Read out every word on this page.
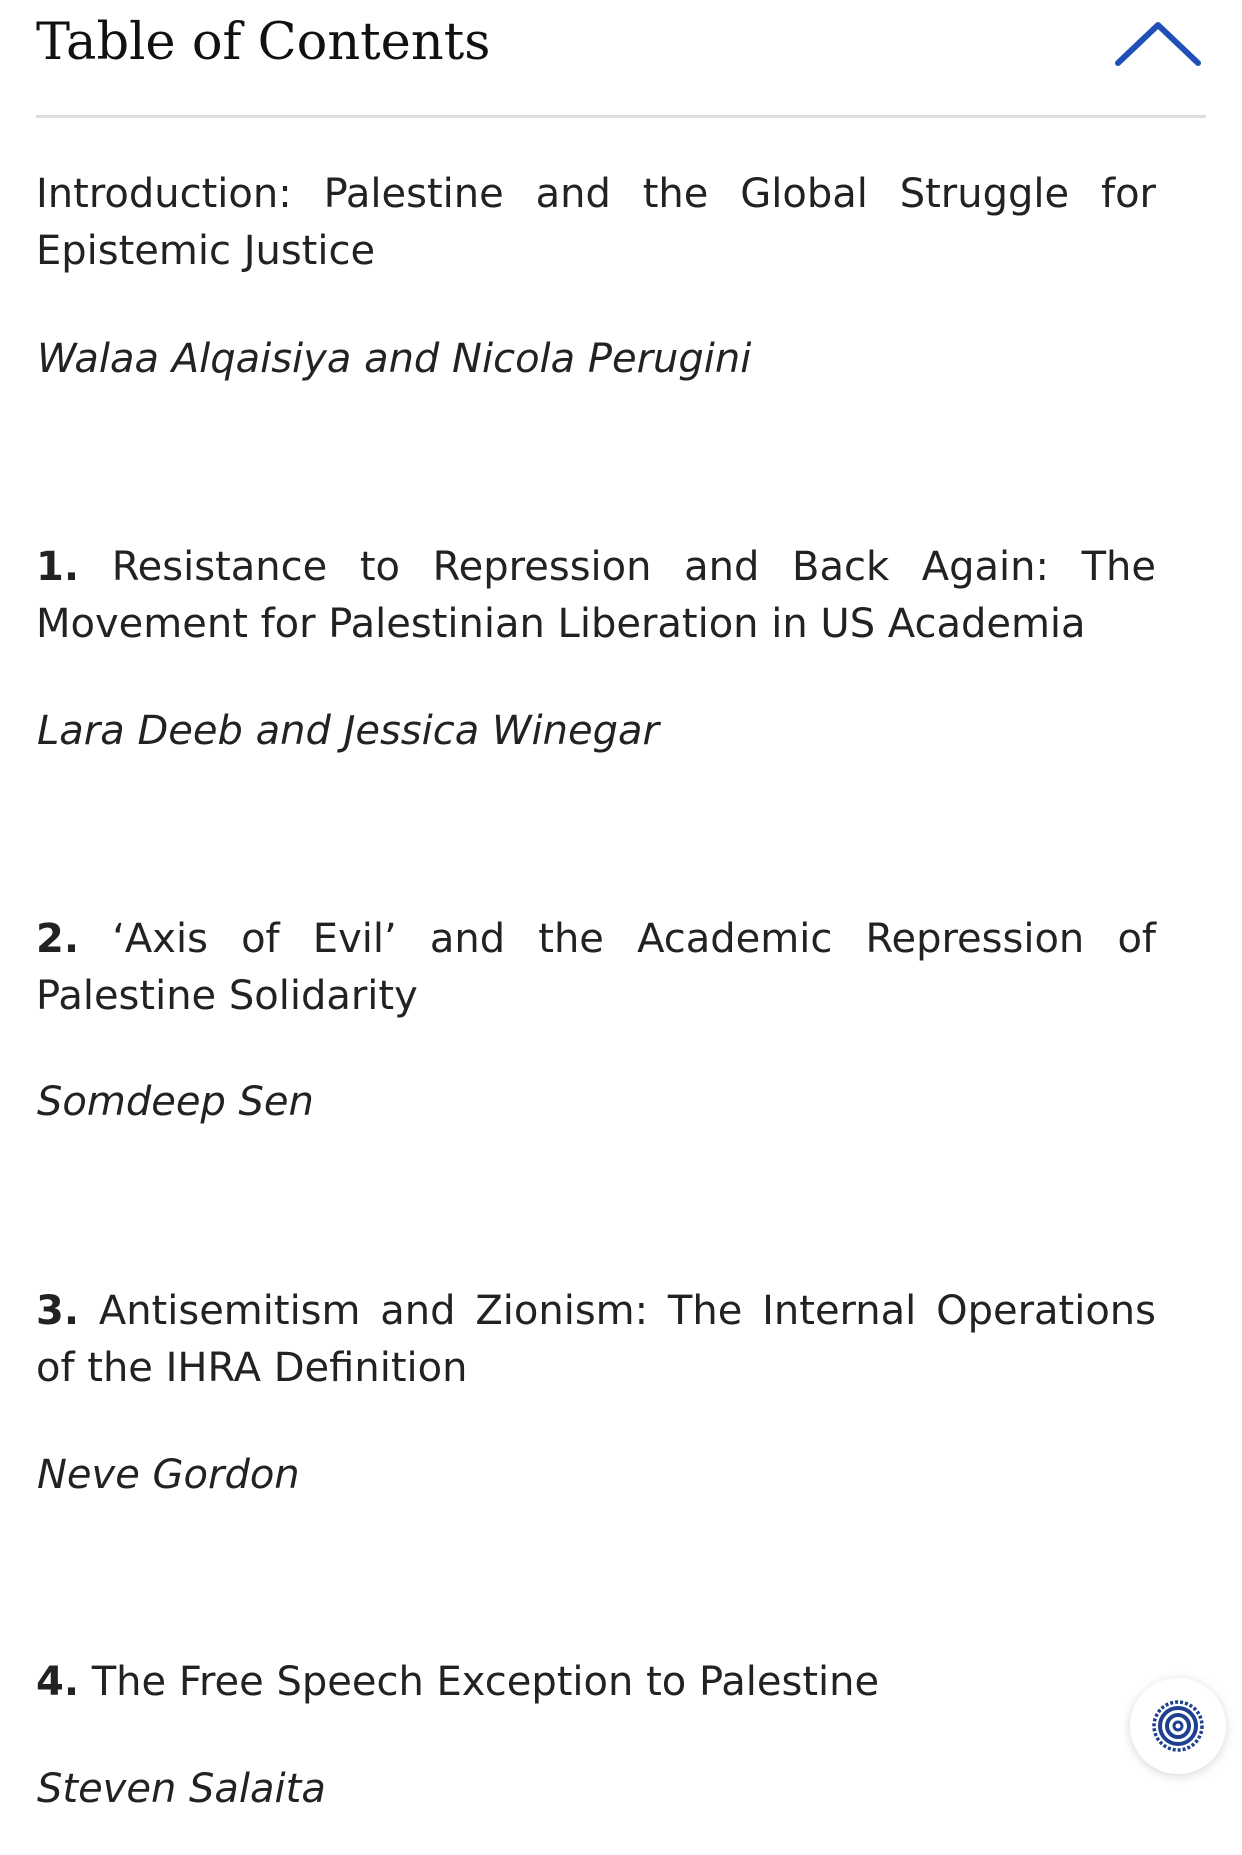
Table of Contents

Introduction: Palestine and the Global Struggle for Epistemic Justice

Walaa Alqaisiya and Nicola Perugini

1. Resistance to Repression and Back Again: The Movement for Palestinian Liberation in US Academia

Lara Deeb and Jessica Winegar

2. ‘Axis of Evil’ and the Academic Repression of Palestine Solidarity

Somdeep Sen

3. Antisemitism and Zionism: The Internal Operations of the IHRA Definition

Neve Gordon

4. The Free Speech Exception to Palestine

Steven Salaita
